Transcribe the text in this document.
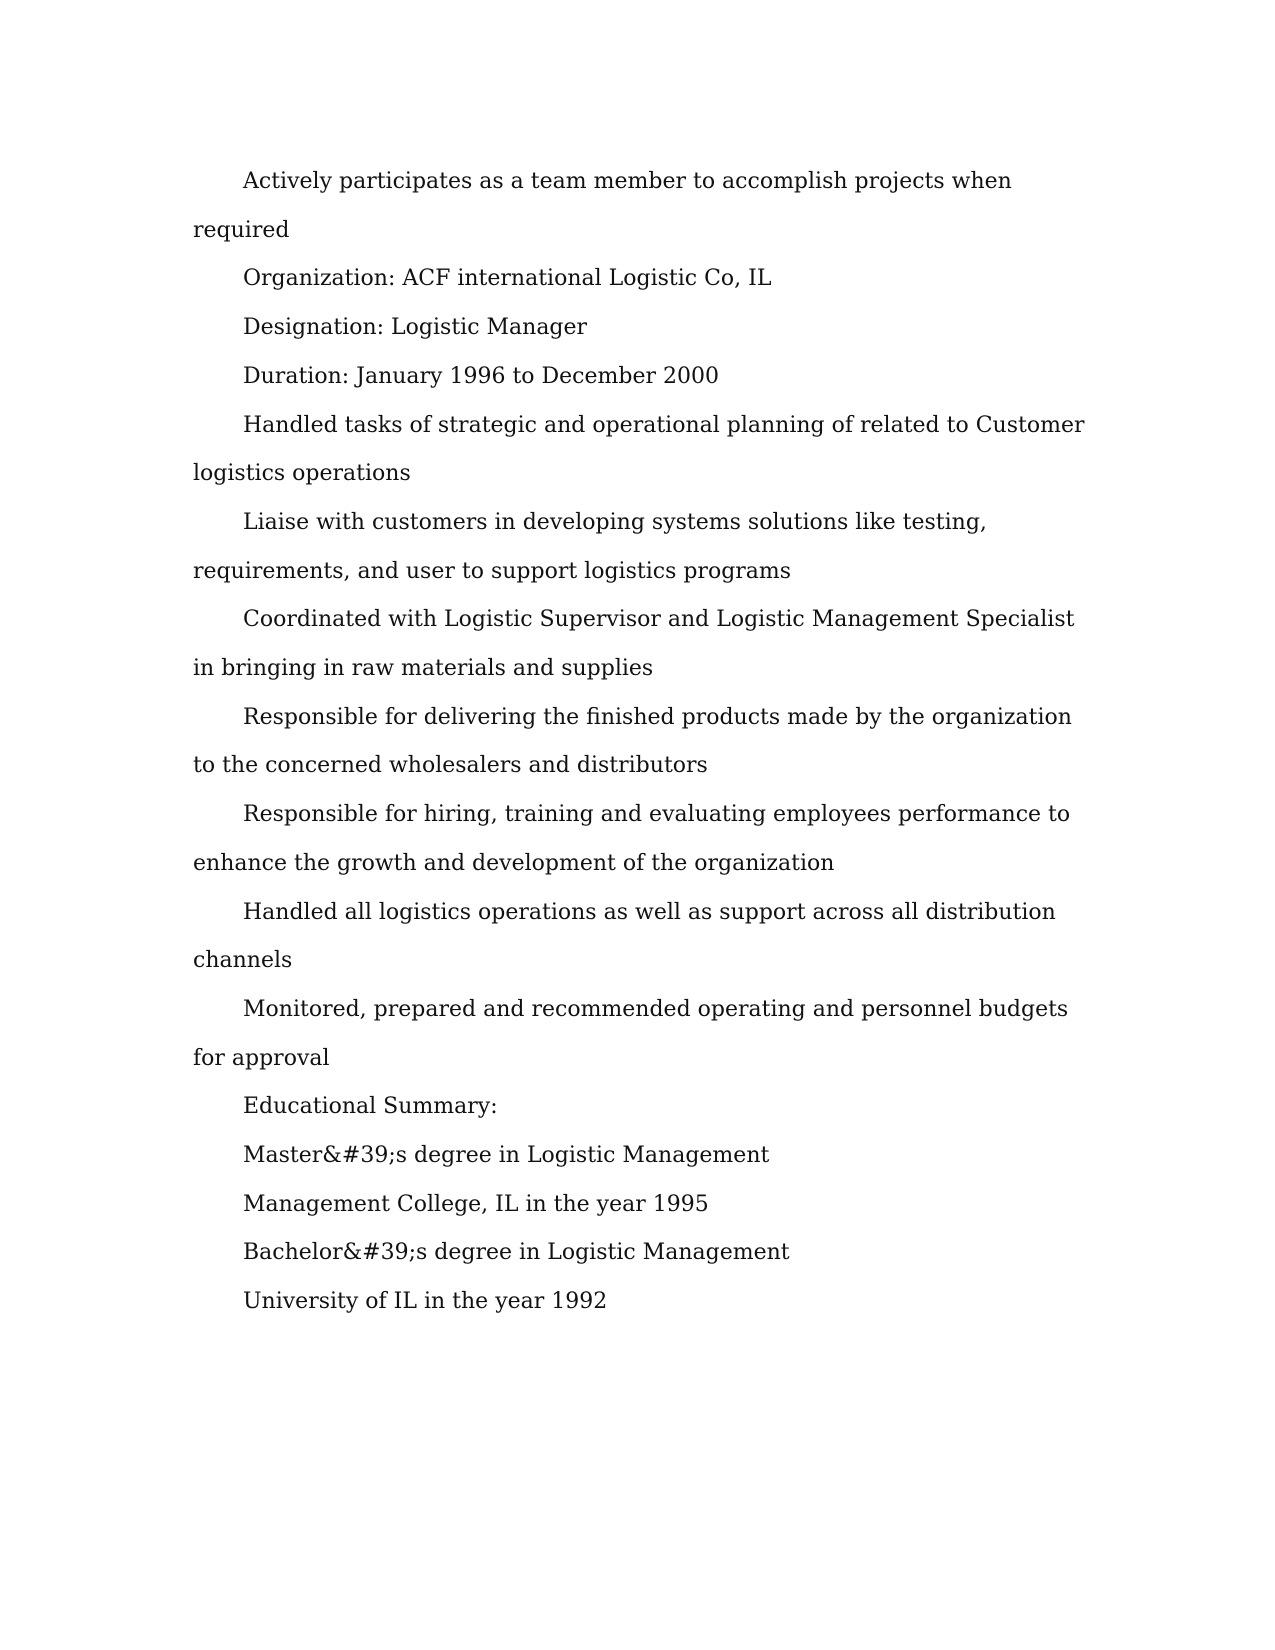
Actively participates as a team member to accomplish projects when required

Organization: ACF international Logistic Co, IL

Designation: Logistic Manager

Duration: January 1996 to December 2000

Handled tasks of strategic and operational planning of related to Customer logistics operations

Liaise with customers in developing systems solutions like testing, requirements, and user to support logistics programs

Coordinated with Logistic Supervisor and Logistic Management Specialist in bringing in raw materials and supplies

Responsible for delivering the finished products made by the organization to the concerned wholesalers and distributors

Responsible for hiring, training and evaluating employees performance to enhance the growth and development of the organization

Handled all logistics operations as well as support across all distribution channels

Monitored, prepared and recommended operating and personnel budgets for approval

Educational Summary:

Master&#39;s degree in Logistic Management

Management College, IL in the year 1995

Bachelor&#39;s degree in Logistic Management

University of IL in the year 1992
